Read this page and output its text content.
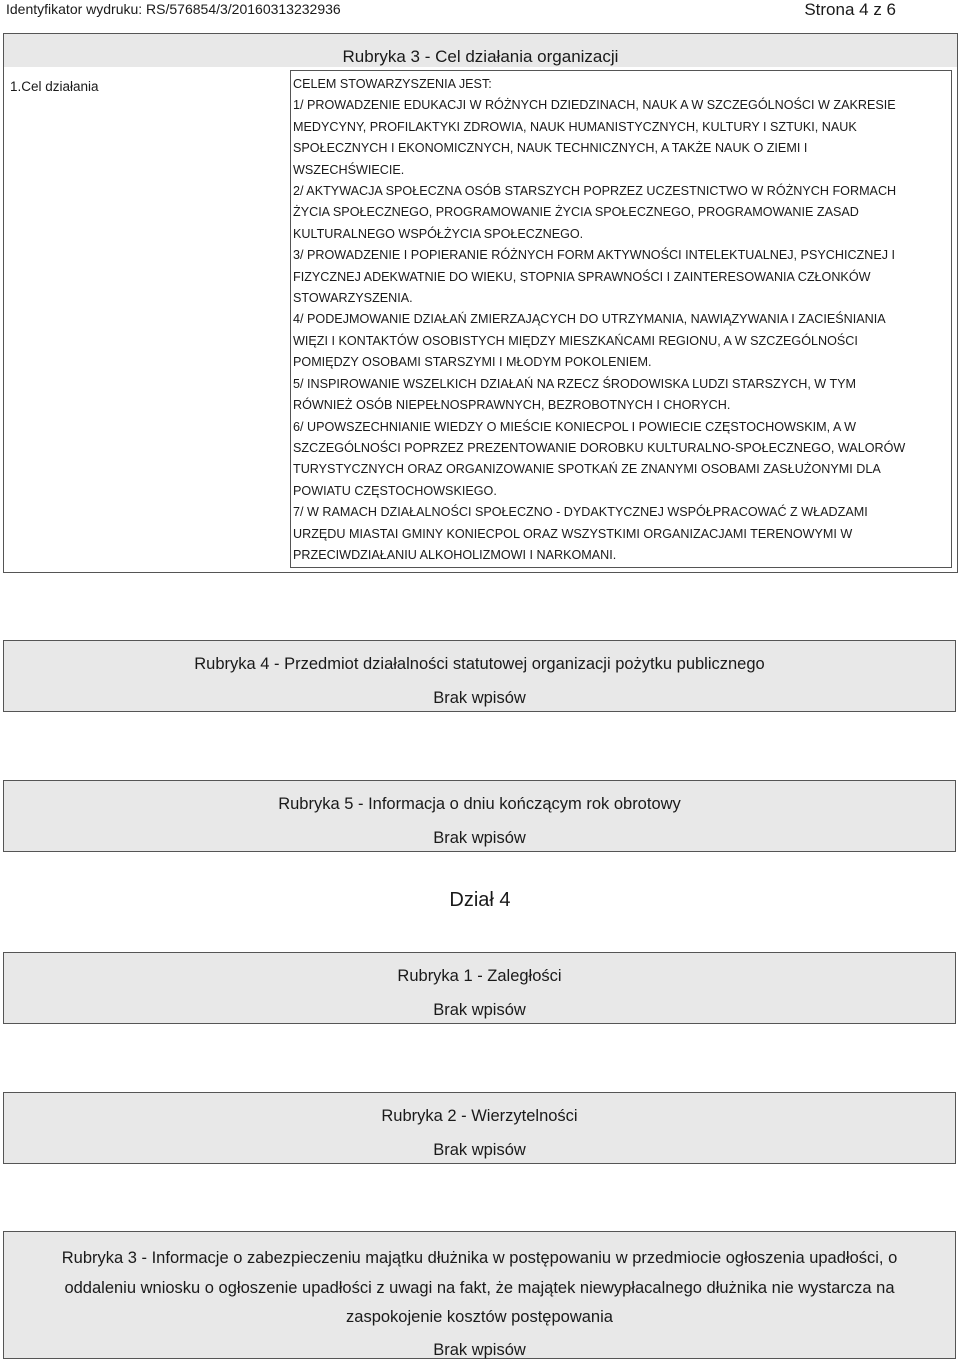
Identyfikator wydruku: RS/576854/3/20160313232936	Strona 4 z 6
Rubryka 3 - Cel działania organizacji
1.Cel działania	CELEM STOWARZYSZENIA JEST:
1/ PROWADZENIE EDUKACJI W RÓŻNYCH DZIEDZINACH, NAUK A W SZCZEGÓLNOŚCI W ZAKRESIE
MEDYCYNY, PROFILAKTYKI ZDROWIA, NAUK HUMANISTYCZNYCH, KULTURY I SZTUKI, NAUK
SPOŁECZNYCH I EKONOMICZNYCH, NAUK TECHNICZNYCH, A TAKŻE NAUK O ZIEMI I
WSZECHŚWIECIE.
2/ AKTYWACJA SPOŁECZNA OSÓB STARSZYCH POPRZEZ UCZESTNICTWO W RÓŻNYCH FORMACH
ŻYCIA SPOŁECZNEGO, PROGRAMOWANIE ŻYCIA SPOŁECZNEGO, PROGRAMOWANIE ZASAD
KULTURALNEGO WSPÓŁŻYCIA SPOŁECZNEGO.
3/ PROWADZENIE I POPIERANIE RÓŻNYCH FORM AKTYWNOŚCI INTELEKTUALNEJ, PSYCHICZNEJ I
FIZYCZNEJ ADEKWATNIE DO WIEKU, STOPNIA SPRAWNOŚCI I ZAINTERESOWANIA CZŁONKÓW
STOWARZYSZENIA.
4/ PODEJMOWANIE DZIAŁAŃ ZMIERZAJĄCYCH DO UTRZYMANIA, NAWIĄZYWANIA I ZACIEŚNIANIA
WIĘZI I KONTAKTÓW OSOBISTYCH MIĘDZY MIESZKAŃCAMI REGIONU, A W SZCZEGÓLNOŚCI
POMIĘDZY OSOBAMI STARSZYMI I MŁODYM POKOLENIEM.
5/ INSPIROWANIE WSZELKICH DZIAŁAŃ NA RZECZ ŚRODOWISKA LUDZI STARSZYCH, W TYM
RÓWNIEŻ OSÓB NIEPEŁNOSPRAWNYCH, BEZROBOTNYCH I CHORYCH.
6/ UPOWSZECHNIANIE WIEDZY O MIEŚCIE KONIECPOL I POWIECIE CZĘSTOCHOWSKIM, A W
SZCZEGÓLNOŚCI POPRZEZ PREZENTOWANIE DOROBKU KULTURALNO-SPOŁECZNEGO, WALORÓW
TURYSTYCZNYCH ORAZ ORGANIZOWANIE SPOTKAŃ ZE ZNANYMI OSOBAMI ZASŁUŻONYMI DLA
POWIATU CZĘSTOCHOWSKIEGO.
7/ W RAMACH DZIAŁALNOŚCI SPOŁECZNO - DYDAKTYCZNEJ WSPÓŁPRACOWAĆ Z WŁADZAMI
URZĘDU MIASTAI GMINY KONIECPOL ORAZ WSZYSTKIMI ORGANIZACJAMI TERENOWYMI W
PRZECIWDZIAŁANIU ALKOHOLIZMOWI I NARKOMANI.
Rubryka 4 - Przedmiot działalności statutowej organizacji pożytku publicznego
Brak wpisów
Rubryka 5 - Informacja o dniu kończącym rok obrotowy
Brak wpisów
Dział 4
Rubryka 1 - Zaległości
Brak wpisów
Rubryka 2 - Wierzytelności
Brak wpisów
Rubryka 3 - Informacje o zabezpieczeniu majątku dłużnika w postępowaniu w przedmiocie ogłoszenia upadłości, o
oddaleniu wniosku o ogłoszenie upadłości z uwagi na fakt, że majątek niewypłacalnego dłużnika nie wystarcza na
zaspokojenie kosztów postępowania
Brak wpisów
